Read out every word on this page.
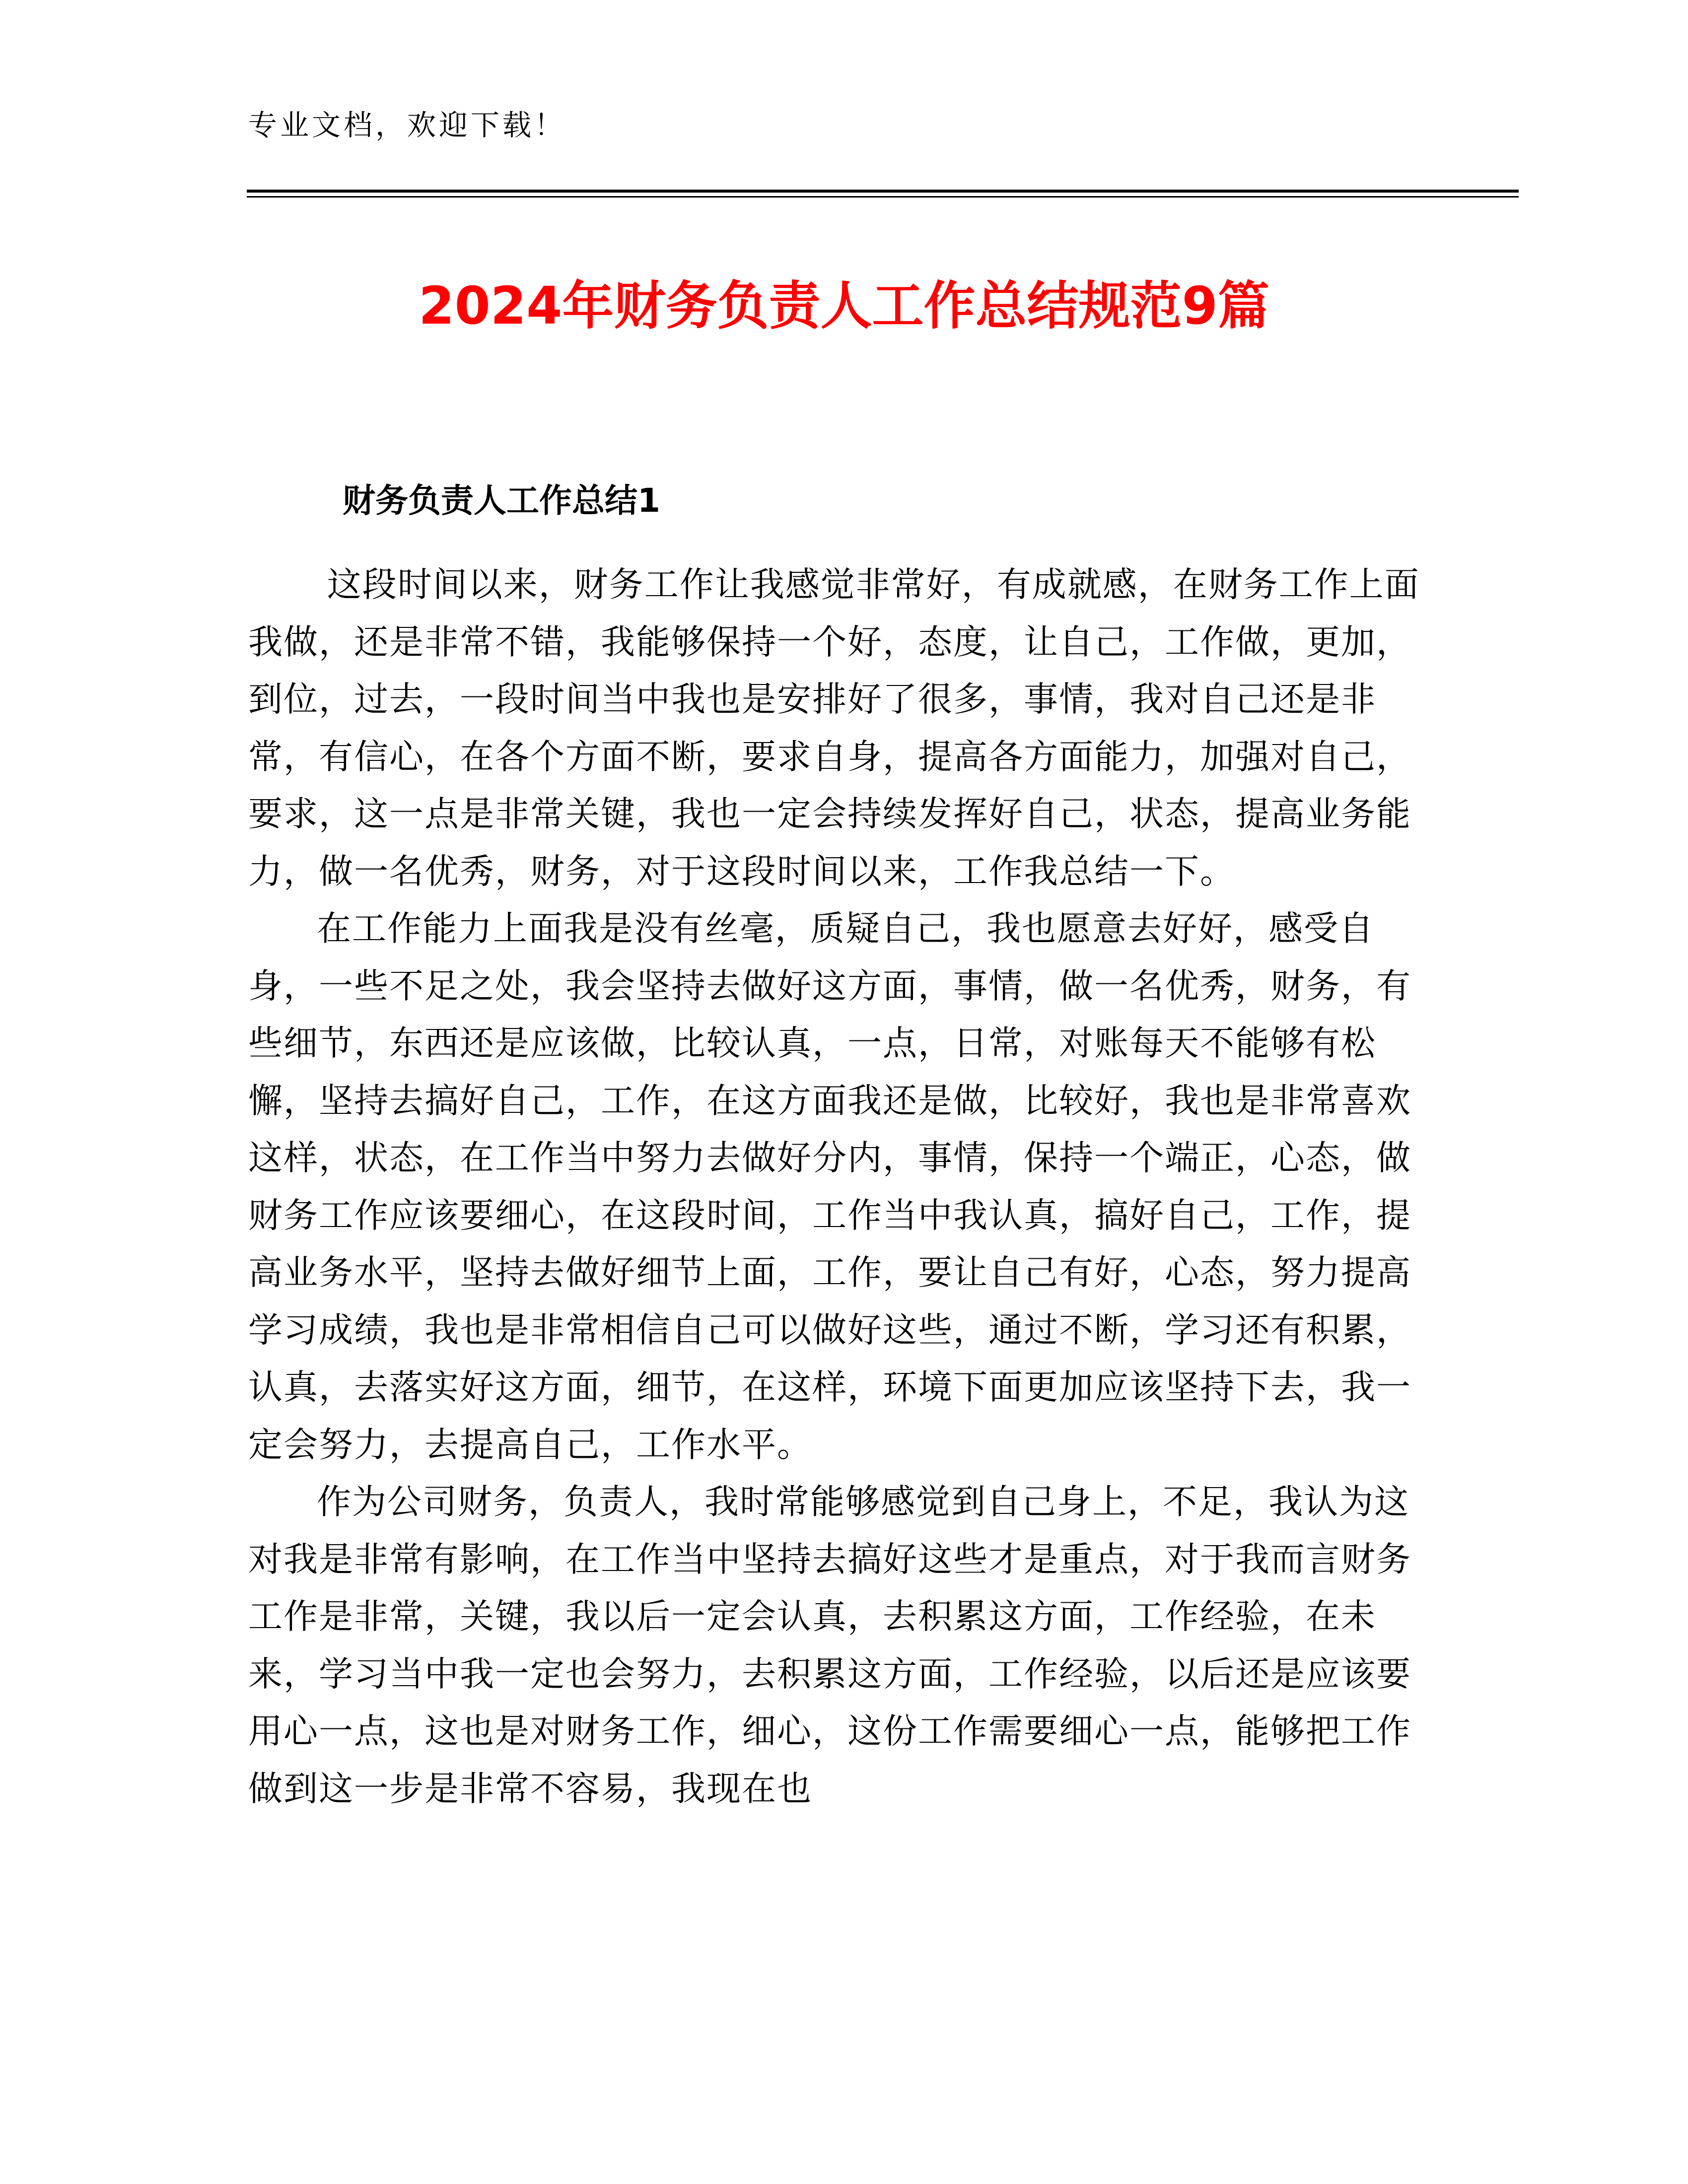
专业文档，欢迎下载！

2024年财务负责人工作总结规范9篇
财务负责人工作总结1

这段时间以来，财务工作让我感觉非常好，有成就感，在财务工作上面我做，还是非常不错，我能够保持一个好，态度，让自己，工作做，更加，到位，过去，一段时间当中我也是安排好了很多，事情，我对自己还是非常，有信心，在各个方面不断，要求自身，提高各方面能力，加强对自己，要求，这一点是非常关键，我也一定会持续发挥好自己，状态，提高业务能力，做一名优秀，财务，对于这段时间以来，工作我总结一下。

在工作能力上面我是没有丝毫，质疑自己，我也愿意去好好，感受自身，一些不足之处，我会坚持去做好这方面，事情，做一名优秀，财务，有些细节，东西还是应该做，比较认真，一点，日常，对账每天不能够有松懈，坚持去搞好自己，工作，在这方面我还是做，比较好，我也是非常喜欢这样，状态，在工作当中努力去做好分内，事情，保持一个端正，心态，做财务工作应该要细心，在这段时间，工作当中我认真，搞好自己，工作，提高业务水平，坚持去做好细节上面，工作，要让自己有好，心态，努力提高学习成绩，我也是非常相信自己可以做好这些，通过不断，学习还有积累，认真，去落实好这方面，细节，在这样，环境下面更加应该坚持下去，我一定会努力，去提高自己，工作水平。

作为公司财务，负责人，我时常能够感觉到自己身上，不足，我认为这对我是非常有影响，在工作当中坚持去搞好这些才是重点，对于我而言财务工作是非常，关键，我以后一定会认真，去积累这方面，工作经验，在未来，学习当中我一定也会努力，去积累这方面，工作经验，以后还是应该要用心一点，这也是对财务工作，细心，这份工作需要细心一点，能够把工作做到这一步是非常不容易，我现在也
